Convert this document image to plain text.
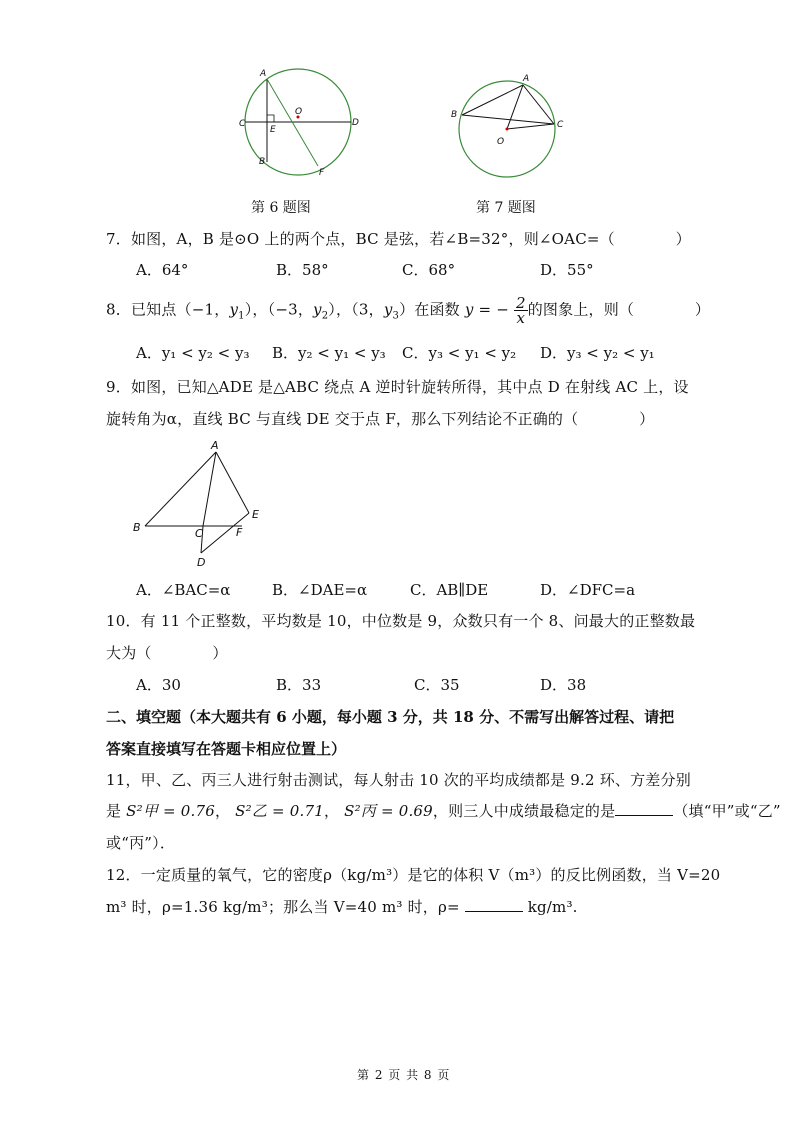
A
B
C	D
E
F
O
第 6 题图
A
B
C
O
第 7 题图
7．如图，A，B 是⊙O 上的两个点，BC 是弦，若∠B=32°，则∠OAC=（　　　　）
A．64°	B．58°	C．68°	D．55°
8．已知点（−1，$y_1$），（−3，$y_2$），（3，$y_3$）在函数 y = − $\frac{2}{x}$ 的图象上，则（　　　　）
A．y₁ < y₂ < y₃ B．y₂ < y₁ < y₃ C．y₃ < y₁ < y₂ D．y₃ < y₂ < y₁
9．如图，已知△ADE 是△ABC 绕点 A 逆时针旋转所得，其中点 D 在射线 AC 上，设
旋转角为α，直线 BC 与直线 DE 交于点 F，那么下列结论不正确的（　　　　）
A
B	C
D
E
F
A．∠BAC=α	B．∠DAE=α	C．AB∥DE	D．∠DFC=a
10．有 11 个正整数，平均数是 10，中位数是 9，众数只有一个 8、问最大的正整数最
大为（　　　　）
A．30	B．33	C．35	D．38
二、填空题（本大题共有 6 小题，每小题 3 分，共 18 分、不需写出解答过程、请把
答案直接填写在答题卡相应位置上）
11，甲、乙、丙三人进行射击测试，每人射击 10 次的平均成绩都是 9.2 环、方差分别
是 S²甲 = 0.76， S²乙 = 0.71， S²丙 = 0.69，则三人中成绩最稳定的是	（填“甲”或“乙”
或“丙”）．
12．一定质量的氧气，它的密度ρ（kg/m³）是它的体积 V（m³）的反比例函数，当 V=20
m³ 时，ρ=1.36 kg/m³；那么当 V=40 m³ 时，ρ=	kg/m³.
第 2 页 共 8 页
